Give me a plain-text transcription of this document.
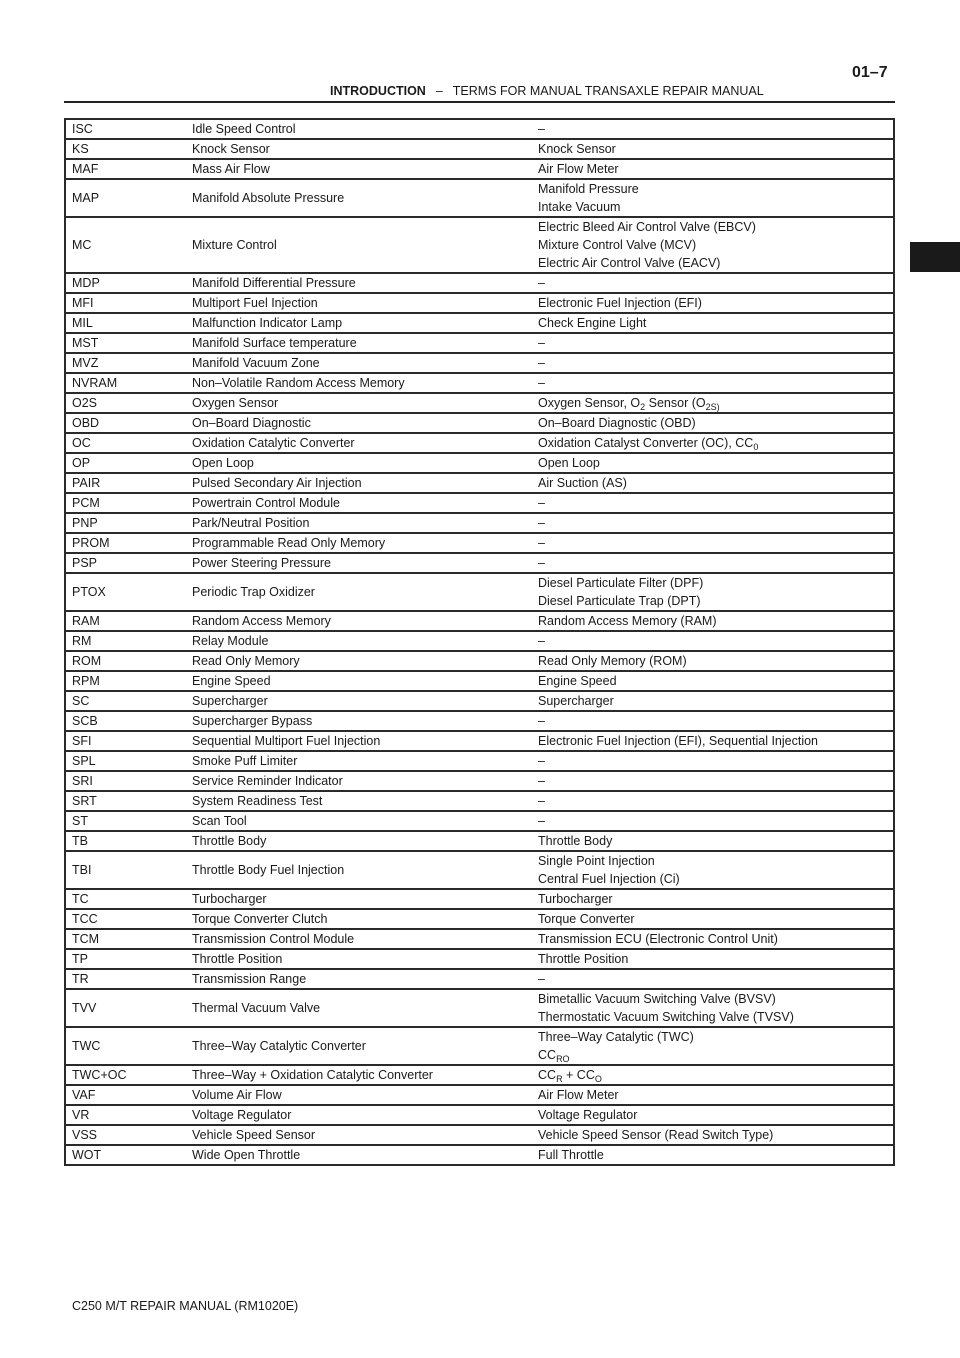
INTRODUCTION – TERMS FOR MANUAL TRANSAXLE REPAIR MANUAL
01–7
ISC	Idle Speed Control	–

KS	Knock Sensor	Knock Sensor

MAF	Mass Air Flow	Air Flow Meter

MAP	Manifold Absolute Pressure	Manifold Pressure
Intake Vacuum

MC	Mixture Control	Electric Bleed Air Control Valve (EBCV)
Mixture Control Valve (MCV)
Electric Air Control Valve (EACV)

MDP	Manifold Differential Pressure	–

MFI	Multiport Fuel Injection	Electronic Fuel Injection (EFI)

MIL	Malfunction Indicator Lamp	Check Engine Light

MST	Manifold Surface temperature	–

MVZ	Manifold Vacuum Zone	–

NVRAM	Non–Volatile Random Access Memory	–

O2S	Oxygen Sensor	Oxygen Sensor, $O_2$ Sensor ($O_{2S)}$

OBD	On–Board Diagnostic	On–Board Diagnostic (OBD)

OC	Oxidation Catalytic Converter	Oxidation Catalyst Converter (OC), $CC_0$

OP	Open Loop	Open Loop

PAIR	Pulsed Secondary Air Injection	Air Suction (AS)

PCM	Powertrain Control Module	–

PNP	Park/Neutral Position	–

PROM	Programmable Read Only Memory	–

PSP	Power Steering Pressure	–

PTOX	Periodic Trap Oxidizer	Diesel Particulate Filter (DPF)
Diesel Particulate Trap (DPT)

RAM	Random Access Memory	Random Access Memory (RAM)

RM	Relay Module	–

ROM	Read Only Memory	Read Only Memory (ROM)

RPM	Engine Speed	Engine Speed

SC	Supercharger	Supercharger

SCB	Supercharger Bypass	–

SFI	Sequential Multiport Fuel Injection	Electronic Fuel Injection (EFI), Sequential Injection

SPL	Smoke Puff Limiter	–

SRI	Service Reminder Indicator	–

SRT	System Readiness Test	–

ST	Scan Tool	–

TB	Throttle Body	Throttle Body

TBI	Throttle Body Fuel Injection	Single Point Injection
Central Fuel Injection (Ci)

TC	Turbocharger	Turbocharger

TCC	Torque Converter Clutch	Torque Converter

TCM	Transmission Control Module	Transmission ECU (Electronic Control Unit)

TP	Throttle Position	Throttle Position

TR	Transmission Range	–

TVV	Thermal Vacuum Valve	Bimetallic Vacuum Switching Valve (BVSV)
Thermostatic Vacuum Switching Valve (TVSV)

TWC	Three–Way Catalytic Converter	Three–Way Catalytic (TWC)
$CC_{RO}$

TWC+OC	Three–Way + Oxidation Catalytic Converter	$CC_R + CC_O$

VAF	Volume Air Flow	Air Flow Meter

VR	Voltage Regulator	Voltage Regulator

VSS	Vehicle Speed Sensor	Vehicle Speed Sensor (Read Switch Type)

WOT	Wide Open Throttle	Full Throttle
C250 M/T REPAIR MANUAL (RM1020E)
